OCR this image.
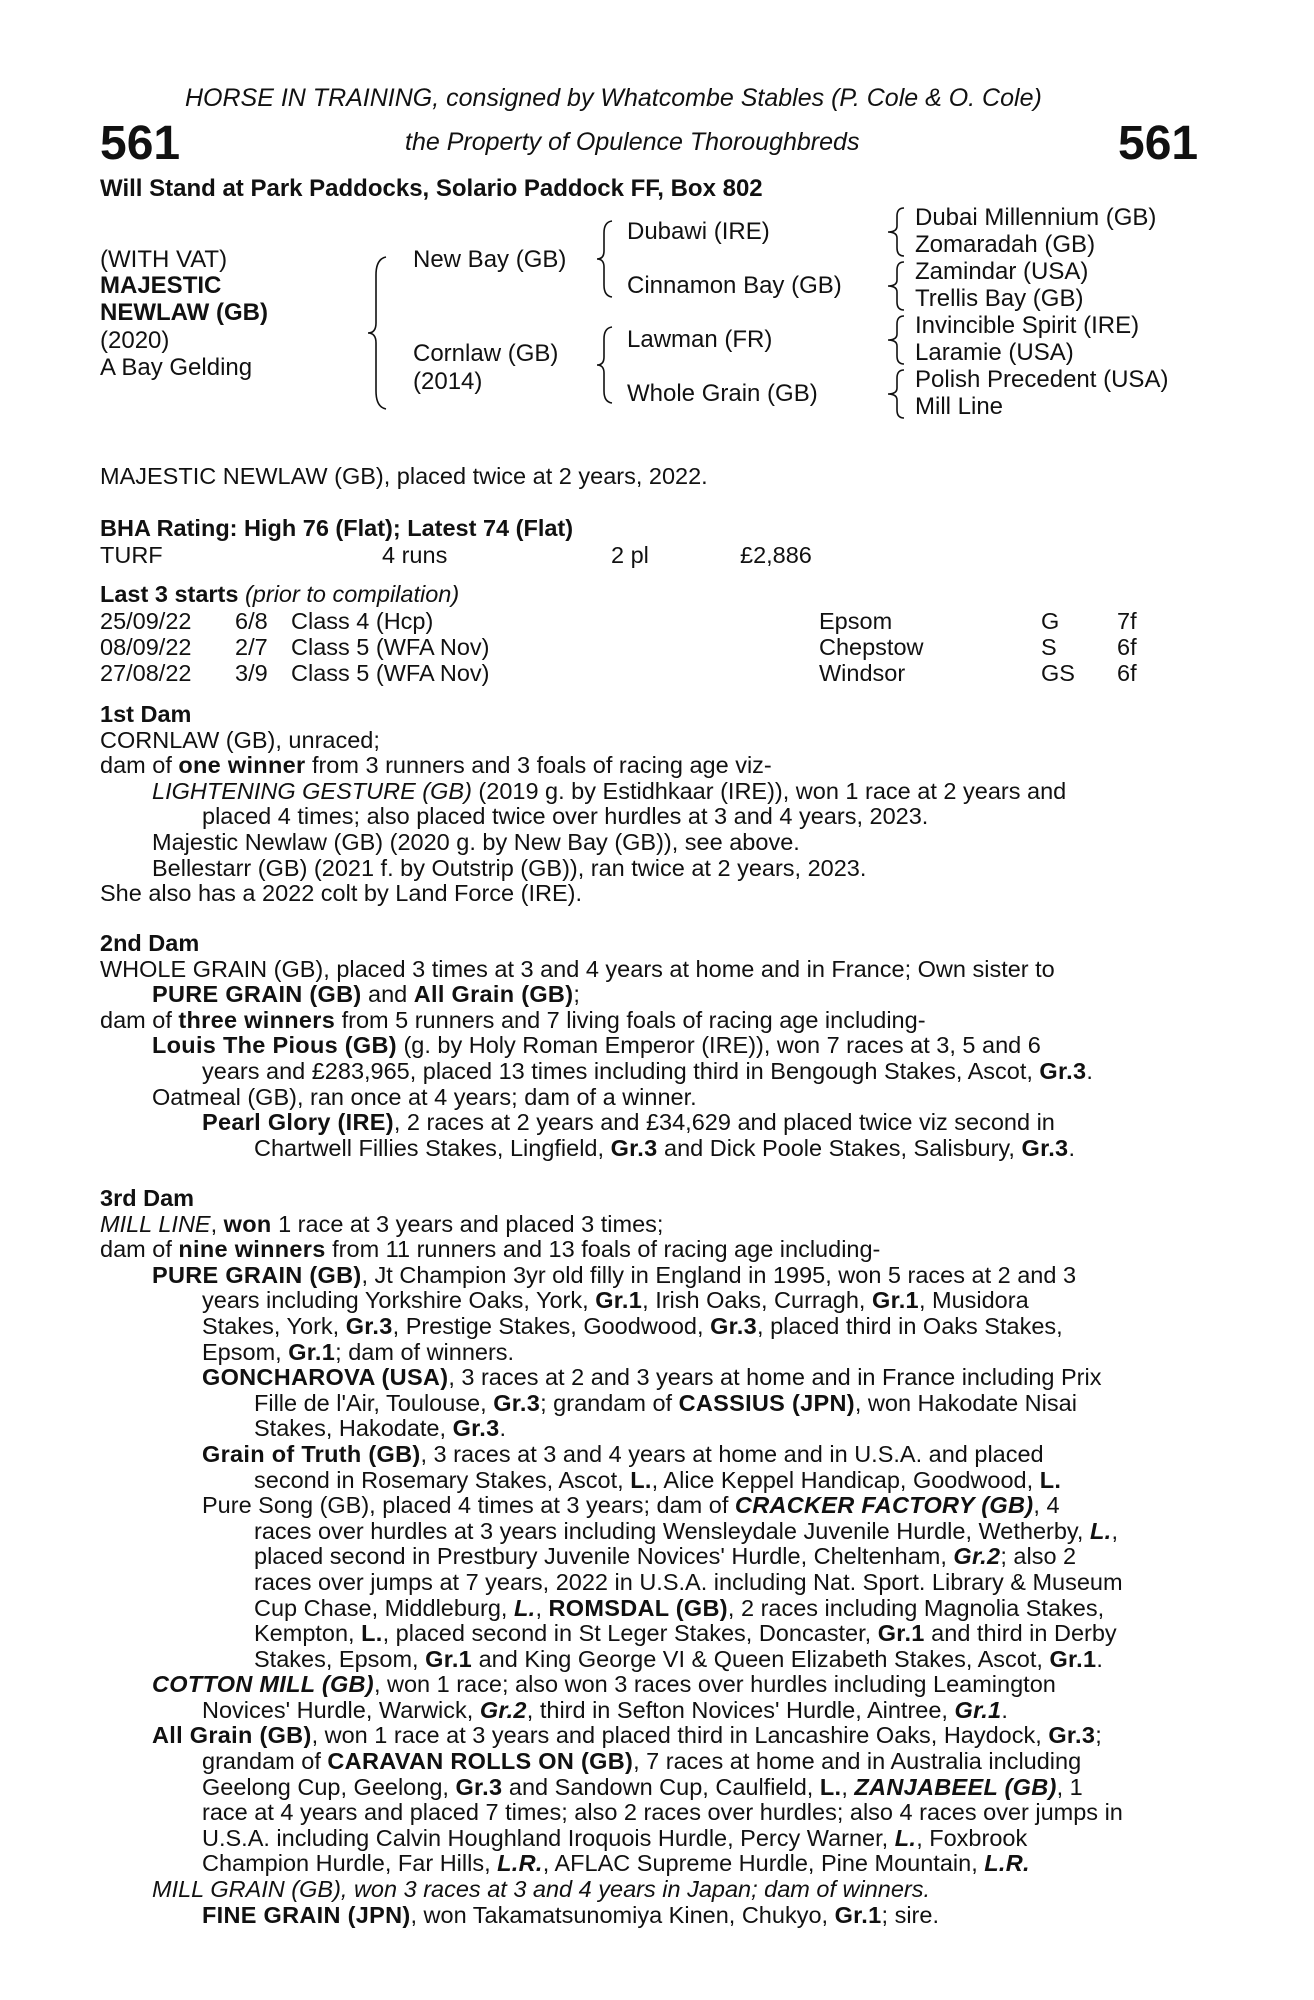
HORSE IN TRAINING, consigned by Whatcombe Stables (P. Cole & O. Cole)
561	the Property of Opulence Thoroughbreds	561
Will Stand at Park Paddocks, Solario Paddock FF, Box 802
(WITH VAT)
MAJESTIC
NEWLAW (GB)
(2020)
A Bay Gelding
New Bay (GB)
Cornlaw (GB)
(2014)
Dubawi (IRE)
Cinnamon Bay (GB)
Lawman (FR)
Whole Grain (GB)
Dubai Millennium (GB)
Zomaradah (GB)
Zamindar (USA)
Trellis Bay (GB)
Invincible Spirit (IRE)
Laramie (USA)
Polish Precedent (USA)
Mill Line
MAJESTIC NEWLAW (GB), placed twice at 2 years, 2022.
BHA Rating: High 76 (Flat); Latest 74 (Flat)
TURF	4 runs	2 pl	£2,886
Last 3 starts (prior to compilation)
25/09/22 6/8 Class 4 (Hcp)	Epsom	G 7f
08/09/22 2/7 Class 5 (WFA Nov)	Chepstow	S	6f
27/08/22 3/9 Class 5 (WFA Nov)	Windsor	GS 6f
1st Dam
CORNLAW (GB), unraced;
dam of one winner from 3 runners and 3 foals of racing age viz-
LIGHTENING GESTURE (GB) (2019 g. by Estidhkaar (IRE)), won 1 race at 2 years and
placed 4 times; also placed twice over hurdles at 3 and 4 years, 2023.
Majestic Newlaw (GB) (2020 g. by New Bay (GB)), see above.
Bellestarr (GB) (2021 f. by Outstrip (GB)), ran twice at 2 years, 2023.
She also has a 2022 colt by Land Force (IRE).
2nd Dam
WHOLE GRAIN (GB), placed 3 times at 3 and 4 years at home and in France; Own sister to
PURE GRAIN (GB) and All Grain (GB);
dam of three winners from 5 runners and 7 living foals of racing age including-
Louis The Pious (GB) (g. by Holy Roman Emperor (IRE)), won 7 races at 3, 5 and 6
years and £283,965, placed 13 times including third in Bengough Stakes, Ascot, Gr.3.
Oatmeal (GB), ran once at 4 years; dam of a winner.
Pearl Glory (IRE), 2 races at 2 years and £34,629 and placed twice viz second in
Chartwell Fillies Stakes, Lingfield, Gr.3 and Dick Poole Stakes, Salisbury, Gr.3.
3rd Dam
MILL LINE, won 1 race at 3 years and placed 3 times;
dam of nine winners from 11 runners and 13 foals of racing age including-
PURE GRAIN (GB), Jt Champion 3yr old filly in England in 1995, won 5 races at 2 and 3
years including Yorkshire Oaks, York, Gr.1, Irish Oaks, Curragh, Gr.1, Musidora
Stakes, York, Gr.3, Prestige Stakes, Goodwood, Gr.3, placed third in Oaks Stakes,
Epsom, Gr.1; dam of winners.
GONCHAROVA (USA), 3 races at 2 and 3 years at home and in France including Prix
Fille de l'Air, Toulouse, Gr.3; grandam of CASSIUS (JPN), won Hakodate Nisai
Stakes, Hakodate, Gr.3.
Grain of Truth (GB), 3 races at 3 and 4 years at home and in U.S.A. and placed
second in Rosemary Stakes, Ascot, L., Alice Keppel Handicap, Goodwood, L.
Pure Song (GB), placed 4 times at 3 years; dam of CRACKER FACTORY (GB), 4
races over hurdles at 3 years including Wensleydale Juvenile Hurdle, Wetherby, L.,
placed second in Prestbury Juvenile Novices' Hurdle, Cheltenham, Gr.2; also 2
races over jumps at 7 years, 2022 in U.S.A. including Nat. Sport. Library & Museum
Cup Chase, Middleburg, L., ROMSDAL (GB), 2 races including Magnolia Stakes,
Kempton, L., placed second in St Leger Stakes, Doncaster, Gr.1 and third in Derby
Stakes, Epsom, Gr.1 and King George VI & Queen Elizabeth Stakes, Ascot, Gr.1.
COTTON MILL (GB), won 1 race; also won 3 races over hurdles including Leamington
Novices' Hurdle, Warwick, Gr.2, third in Sefton Novices' Hurdle, Aintree, Gr.1.
All Grain (GB), won 1 race at 3 years and placed third in Lancashire Oaks, Haydock, Gr.3;
grandam of CARAVAN ROLLS ON (GB), 7 races at home and in Australia including
Geelong Cup, Geelong, Gr.3 and Sandown Cup, Caulfield, L., ZANJABEEL (GB), 1
race at 4 years and placed 7 times; also 2 races over hurdles; also 4 races over jumps in
U.S.A. including Calvin Houghland Iroquois Hurdle, Percy Warner, L., Foxbrook
Champion Hurdle, Far Hills, L.R., AFLAC Supreme Hurdle, Pine Mountain, L.R.
MILL GRAIN (GB), won 3 races at 3 and 4 years in Japan; dam of winners.
FINE GRAIN (JPN), won Takamatsunomiya Kinen, Chukyo, Gr.1; sire.
